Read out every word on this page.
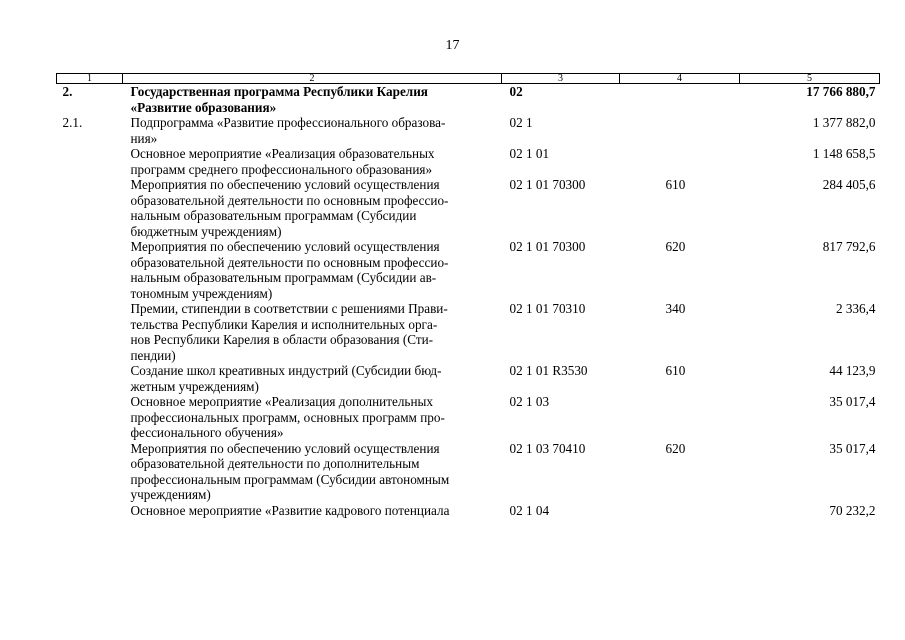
17
1	2	3	4	5
2.	Государственная программа Республики Карелия
«Развитие образования»	02		17 766 880,7
2.1.	Подпрограмма «Развитие профессионального образова-
ния»	02 1		1 377 882,0
	Основное мероприятие «Реализация образовательных
программ среднего профессионального образования»	02 1 01		1 148 658,5
	Мероприятия по обеспечению условий осуществления
образовательной деятельности по основным профессио-
нальным образовательным программам (Субсидии
бюджетным учреждениям)	02 1 01 70300	610	284 405,6
	Мероприятия по обеспечению условий осуществления
образовательной деятельности по основным профессио-
нальным образовательным программам (Субсидии ав-
тономным учреждениям)	02 1 01 70300	620	817 792,6
	Премии, стипендии в соответствии с решениями Прави-
тельства Республики Карелия и исполнительных орга-
нов Республики Карелия в области образования (Сти-
пендии)	02 1 01 70310	340	2 336,4
	Создание школ креативных индустрий (Субсидии бюд-
жетным учреждениям)	02 1 01 R3530	610	44 123,9
	Основное мероприятие «Реализация дополнительных
профессиональных программ, основных программ про-
фессионального обучения»	02 1 03		35 017,4
	Мероприятия по обеспечению условий осуществления
образовательной деятельности по дополнительным
профессиональным программам (Субсидии автономным
учреждениям)	02 1 03 70410	620	35 017,4
	Основное мероприятие «Развитие кадрового потенциала	02 1 04		70 232,2
